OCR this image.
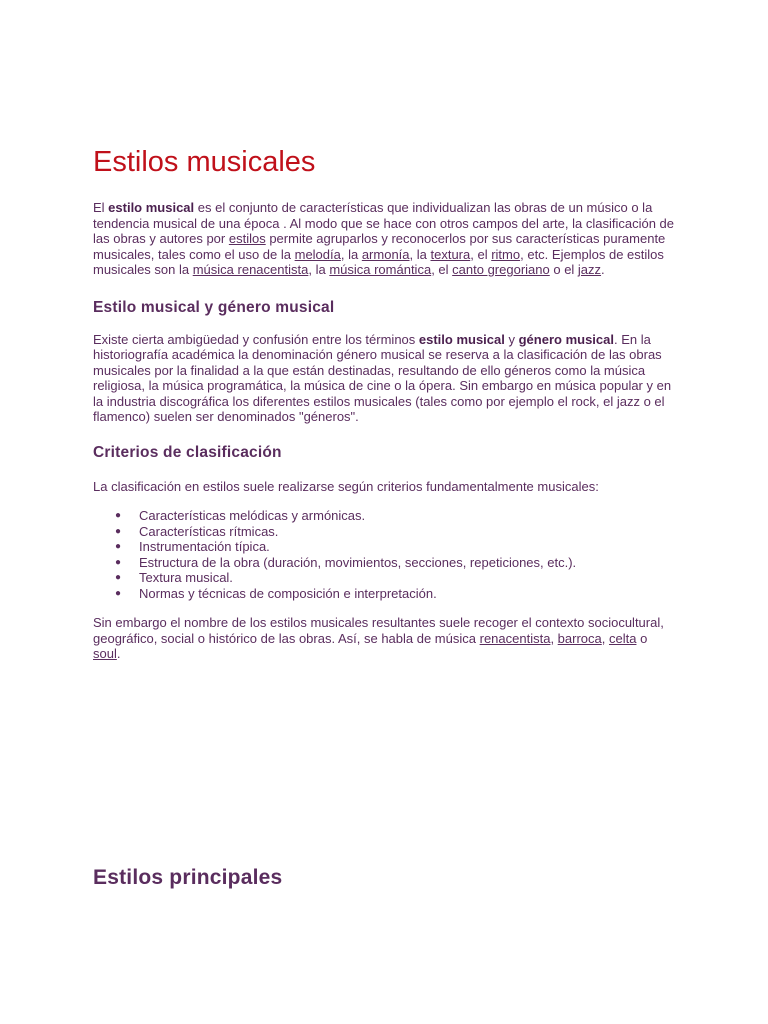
Estilos musicales

El estilo musical es el conjunto de características que individualizan las obras de un músico o la tendencia musical de una época . Al modo que se hace con otros campos del arte, la clasificación de las obras y autores por estilos permite agruparlos y reconocerlos por sus características puramente musicales, tales como el uso de la melodía, la armonía, la textura, el ritmo, etc. Ejemplos de estilos musicales son la música renacentista, la música romántica, el canto gregoriano o el jazz.

Estilo musical y género musical

Existe cierta ambigüedad y confusión entre los términos estilo musical y género musical. En la historiografía académica la denominación género musical se reserva a la clasificación de las obras musicales por la finalidad a la que están destinadas, resultando de ello géneros como la música religiosa, la música programática, la música de cine o la ópera. Sin embargo en música popular y en la industria discográfica los diferentes estilos musicales (tales como por ejemplo el rock, el jazz o el flamenco) suelen ser denominados "géneros".

Criterios de clasificación

La clasificación en estilos suele realizarse según criterios fundamentalmente musicales:

● Características melódicas y armónicas.
● Características rítmicas.
● Instrumentación típica.
● Estructura de la obra (duración, movimientos, secciones, repeticiones, etc.).
● Textura musical.
● Normas y técnicas de composición e interpretación.

Sin embargo el nombre de los estilos musicales resultantes suele recoger el contexto sociocultural, geográfico, social o histórico de las obras. Así, se habla de música renacentista, barroca, celta o soul.

Estilos principales
